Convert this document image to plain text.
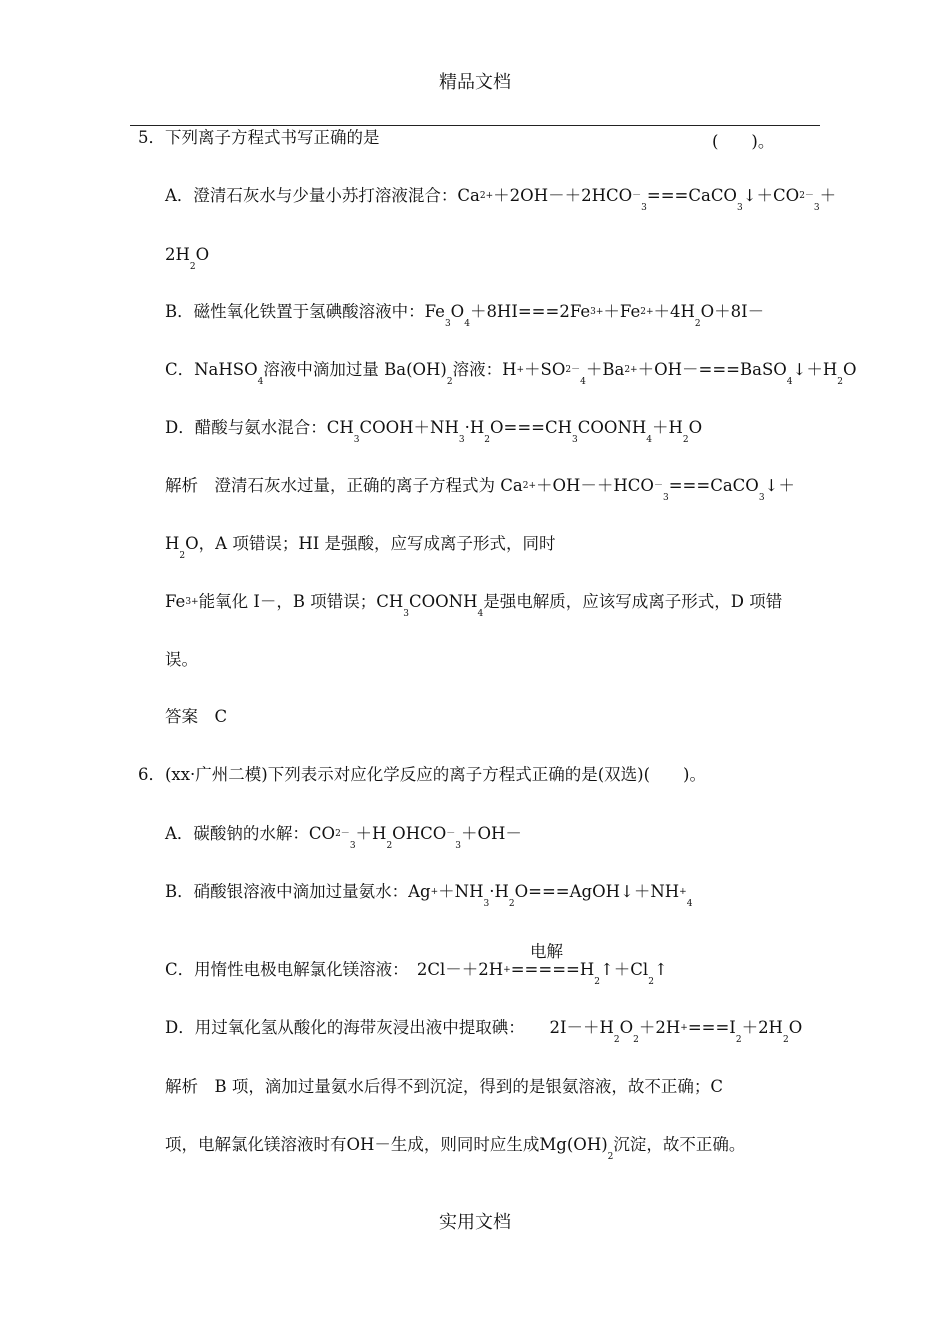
精品文档
5．下列离子方程式书写正确的是	(　　)。
A．澄清石灰水与少量小苏打溶液混合：$Ca2++2OH-+2HCO-_3===CaCO_3↓+CO2-_3+$
$2H_2O$
B．磁性氧化铁置于氢碘酸溶液中：$Fe_3O_4+8HI===2Fe3++Fe2++4H_2O+8I-$
C．NaHSO$_4$溶液中滴加过量 $Ba(OH)_2$溶液：$H++SO2-_4+Ba2++OH-===BaSO_4↓+H_2O$
D．醋酸与氨水混合：$CH_3COOH+NH_3\cdot H_2O===CH_3COONH_4+H_2O$
解析　澄清石灰水过量，正确的离子方程式为 $Ca2++OH-+HCO-_3===CaCO_3↓+$
$H_2O$，A 项错误；HI 是强酸，应写成离子形式，同时
Fe3+能氧化 I－，B 项错误；$CH_3COONH_4$是强电解质，应该写成离子形式，D 项错
误。
答案　C
6．(xx·广州二模)下列表示对应化学反应的离子方程式正确的是(双选)(　　)。
A．碳酸钠的水解：$CO2-_3+H_2OHCO-_3+OH-$
B．硝酸银溶液中滴加过量氨水：$Ag++NH_3\cdot H_2O===AgOH↓+NH+_4$
电解
C．用惰性电极电解氯化镁溶液：　$2Cl-+2H+=====H_2↑+Cl_2↑$
D．用过氧化氢从酸化的海带灰浸出液中提取碘：　　$2I-+H_2O_2+2H+===I_2+2H_2O$
解析　B 项，滴加过量氨水后得不到沉淀，得到的是银氨溶液，故不正确；C
项，电解氯化镁溶液时有OH－生成，则同时应生成$Mg(OH)_2$沉淀，故不正确。
实用文档
